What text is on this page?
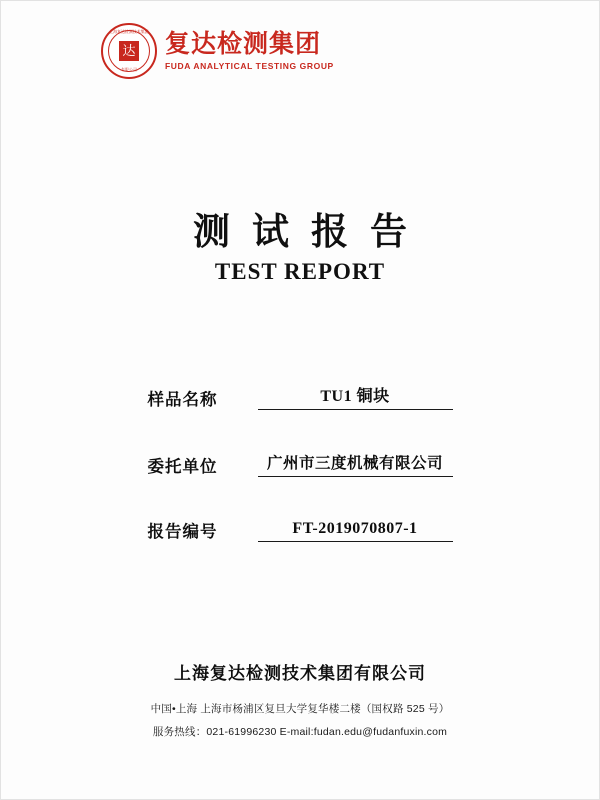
上海复达检测技术集团
有限公司
达 复达检测集团
FUDA ANALYTICAL TESTING GROUP
测试报告
TEST REPORT
样品名称	TU1 铜块
委托单位	广州市三度机械有限公司
报告编号	FT-2019070807-1
上海复达检测技术集团有限公司
中国•上海 上海市杨浦区复旦大学复华楼二楼（国权路 525 号）
服务热线：021-61996230 E-mail:fudan.edu@fudanfuxin.com
